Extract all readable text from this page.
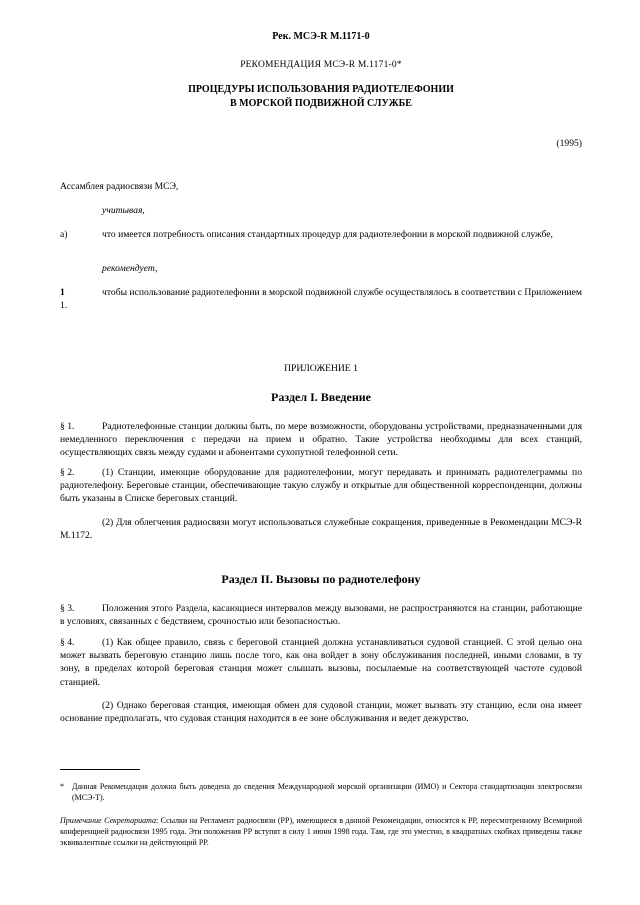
Рек. МСЭ-R M.1171-0
РЕКОМЕНДАЦИЯ МСЭ-R M.1171-0*
ПРОЦЕДУРЫ ИСПОЛЬЗОВАНИЯ РАДИОТЕЛЕФОНИИ
В МОРСКОЙ ПОДВИЖНОЙ СЛУЖБЕ
(1995)
Ассамблея радиосвязи МСЭ,
учитывая,

a)	что имеется потребность описания стандартных процедур для радиотелефонии в морской подвижной службе,

рекомендует,

1	чтобы использование радиотелефонии в морской подвижной службе осуществлялось в соответствии с Приложением 1.

ПРИЛОЖЕНИЕ 1
Раздел I. Введение

§ 1.	Радиотелефонные станции должны быть, по мере возможности, оборудованы устройствами, предназначенными для немедленного переключения с передачи на прием и обратно. Такие устройства необходимы для всех станций, осуществляющих связь между судами и абонентами сухопутной телефонной сети.

§ 2.	(1) Станции, имеющие оборудование для радиотелефонии, могут передавать и принимать радиотелеграммы по радиотелефону. Береговые станции, обеспечивающие такую службу и открытые для общественной корреспонденции, должны быть указаны в Списке береговых станций.

(2) Для облегчения радиосвязи могут использоваться служебные сокращения, приведенные в Рекомендации МСЭ-R M.1172.

Раздел II. Вызовы по радиотелефону

§ 3.	Положения этого Раздела, касающиеся интервалов между вызовами, не распространяются на станции, работающие в условиях, связанных с бедствием, срочностью или безопасностью.

§ 4.	(1) Как общее правило, связь с береговой станцией должна устанавливаться судовой станцией. С этой целью она может вызвать береговую станцию лишь после того, как она войдет в зону обслуживания последней, иными словами, в ту зону, в пределах которой береговая станция может слышать вызовы, посылаемые на соответствующей частоте судовой станцией.

(2) Однако береговая станция, имеющая обмен для судовой станции, может вызвать эту станцию, если она имеет основание предполагать, что судовая станция находится в ее зоне обслуживания и ведет дежурство.

*	Данная Рекомендация должна быть доведена до сведения Международной морской организации (ИМО) и Сектора стандартизации электросвязи (МСЭ-Т).

Примечание Секретариата: Ссылки на Регламент радиосвязи (РР), имеющиеся в данной Рекомендации, относятся к РР, пересмотренному Всемирной конференцией радиосвязи 1995 года. Эти положения РР вступят в силу 1 июня 1998 года. Там, где это уместно, в квадратных скобках приведены также эквивалентные ссылки на действующий РР.
